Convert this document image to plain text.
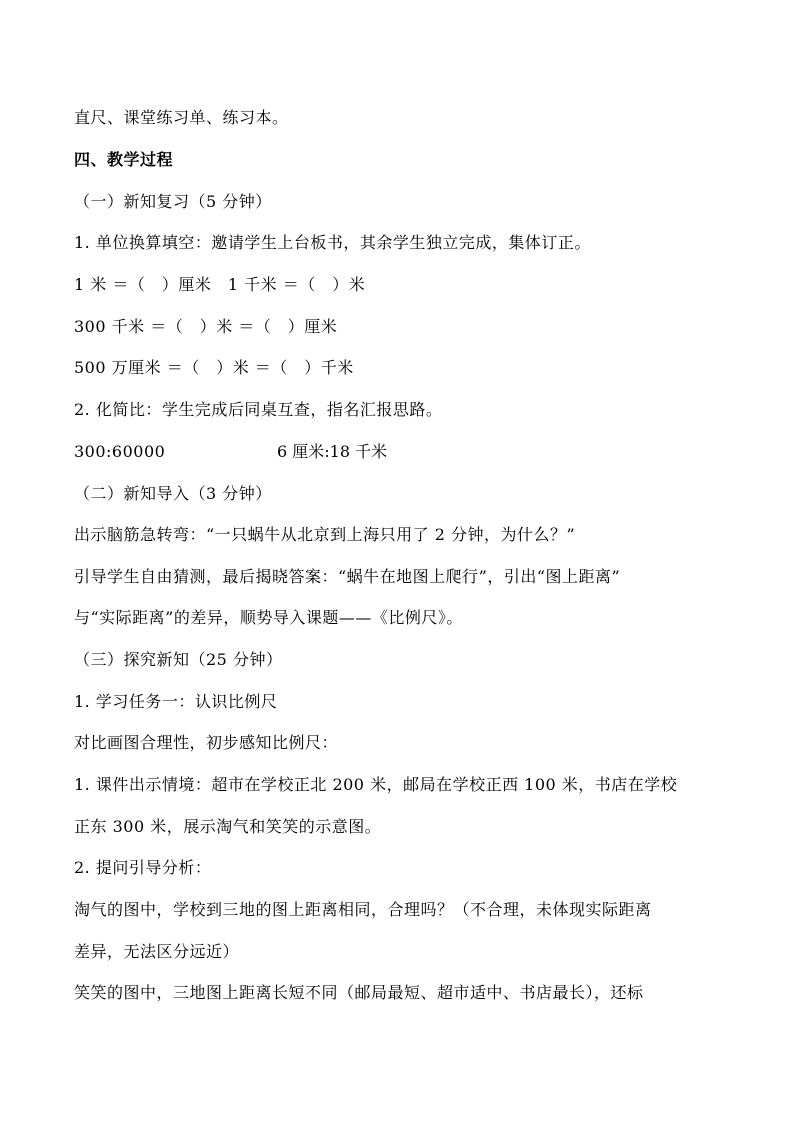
直尺、课堂练习单、练习本。
四、教学过程
（一）新知复习（5 分钟）
1. 单位换算填空：邀请学生上台板书，其余学生独立完成，集体订正。
1 米 ＝（　）厘米　1 千米 ＝（　）米
300 千米 ＝（　）米 ＝（　）厘米
500 万厘米 ＝（　）米 ＝（　）千米
2. 化简比：学生完成后同桌互查，指名汇报思路。
300:60000	6 厘米:18 千米
（二）新知导入（3 分钟）
出示脑筋急转弯：“一只蜗牛从北京到上海只用了 2 分钟，为什么？”
引导学生自由猜测，最后揭晓答案：“蜗牛在地图上爬行”，引出“图上距离”
与“实际距离”的差异，顺势导入课题——《比例尺》。
（三）探究新知（25 分钟）
1. 学习任务一：认识比例尺
对比画图合理性，初步感知比例尺：
1. 课件出示情境：超市在学校正北 200 米，邮局在学校正西 100 米，书店在学校
正东 300 米，展示淘气和笑笑的示意图。
2. 提问引导分析：
淘气的图中，学校到三地的图上距离相同，合理吗？（不合理，未体现实际距离
差异，无法区分远近）
笑笑的图中，三地图上距离长短不同（邮局最短、超市适中、书店最长），还标
